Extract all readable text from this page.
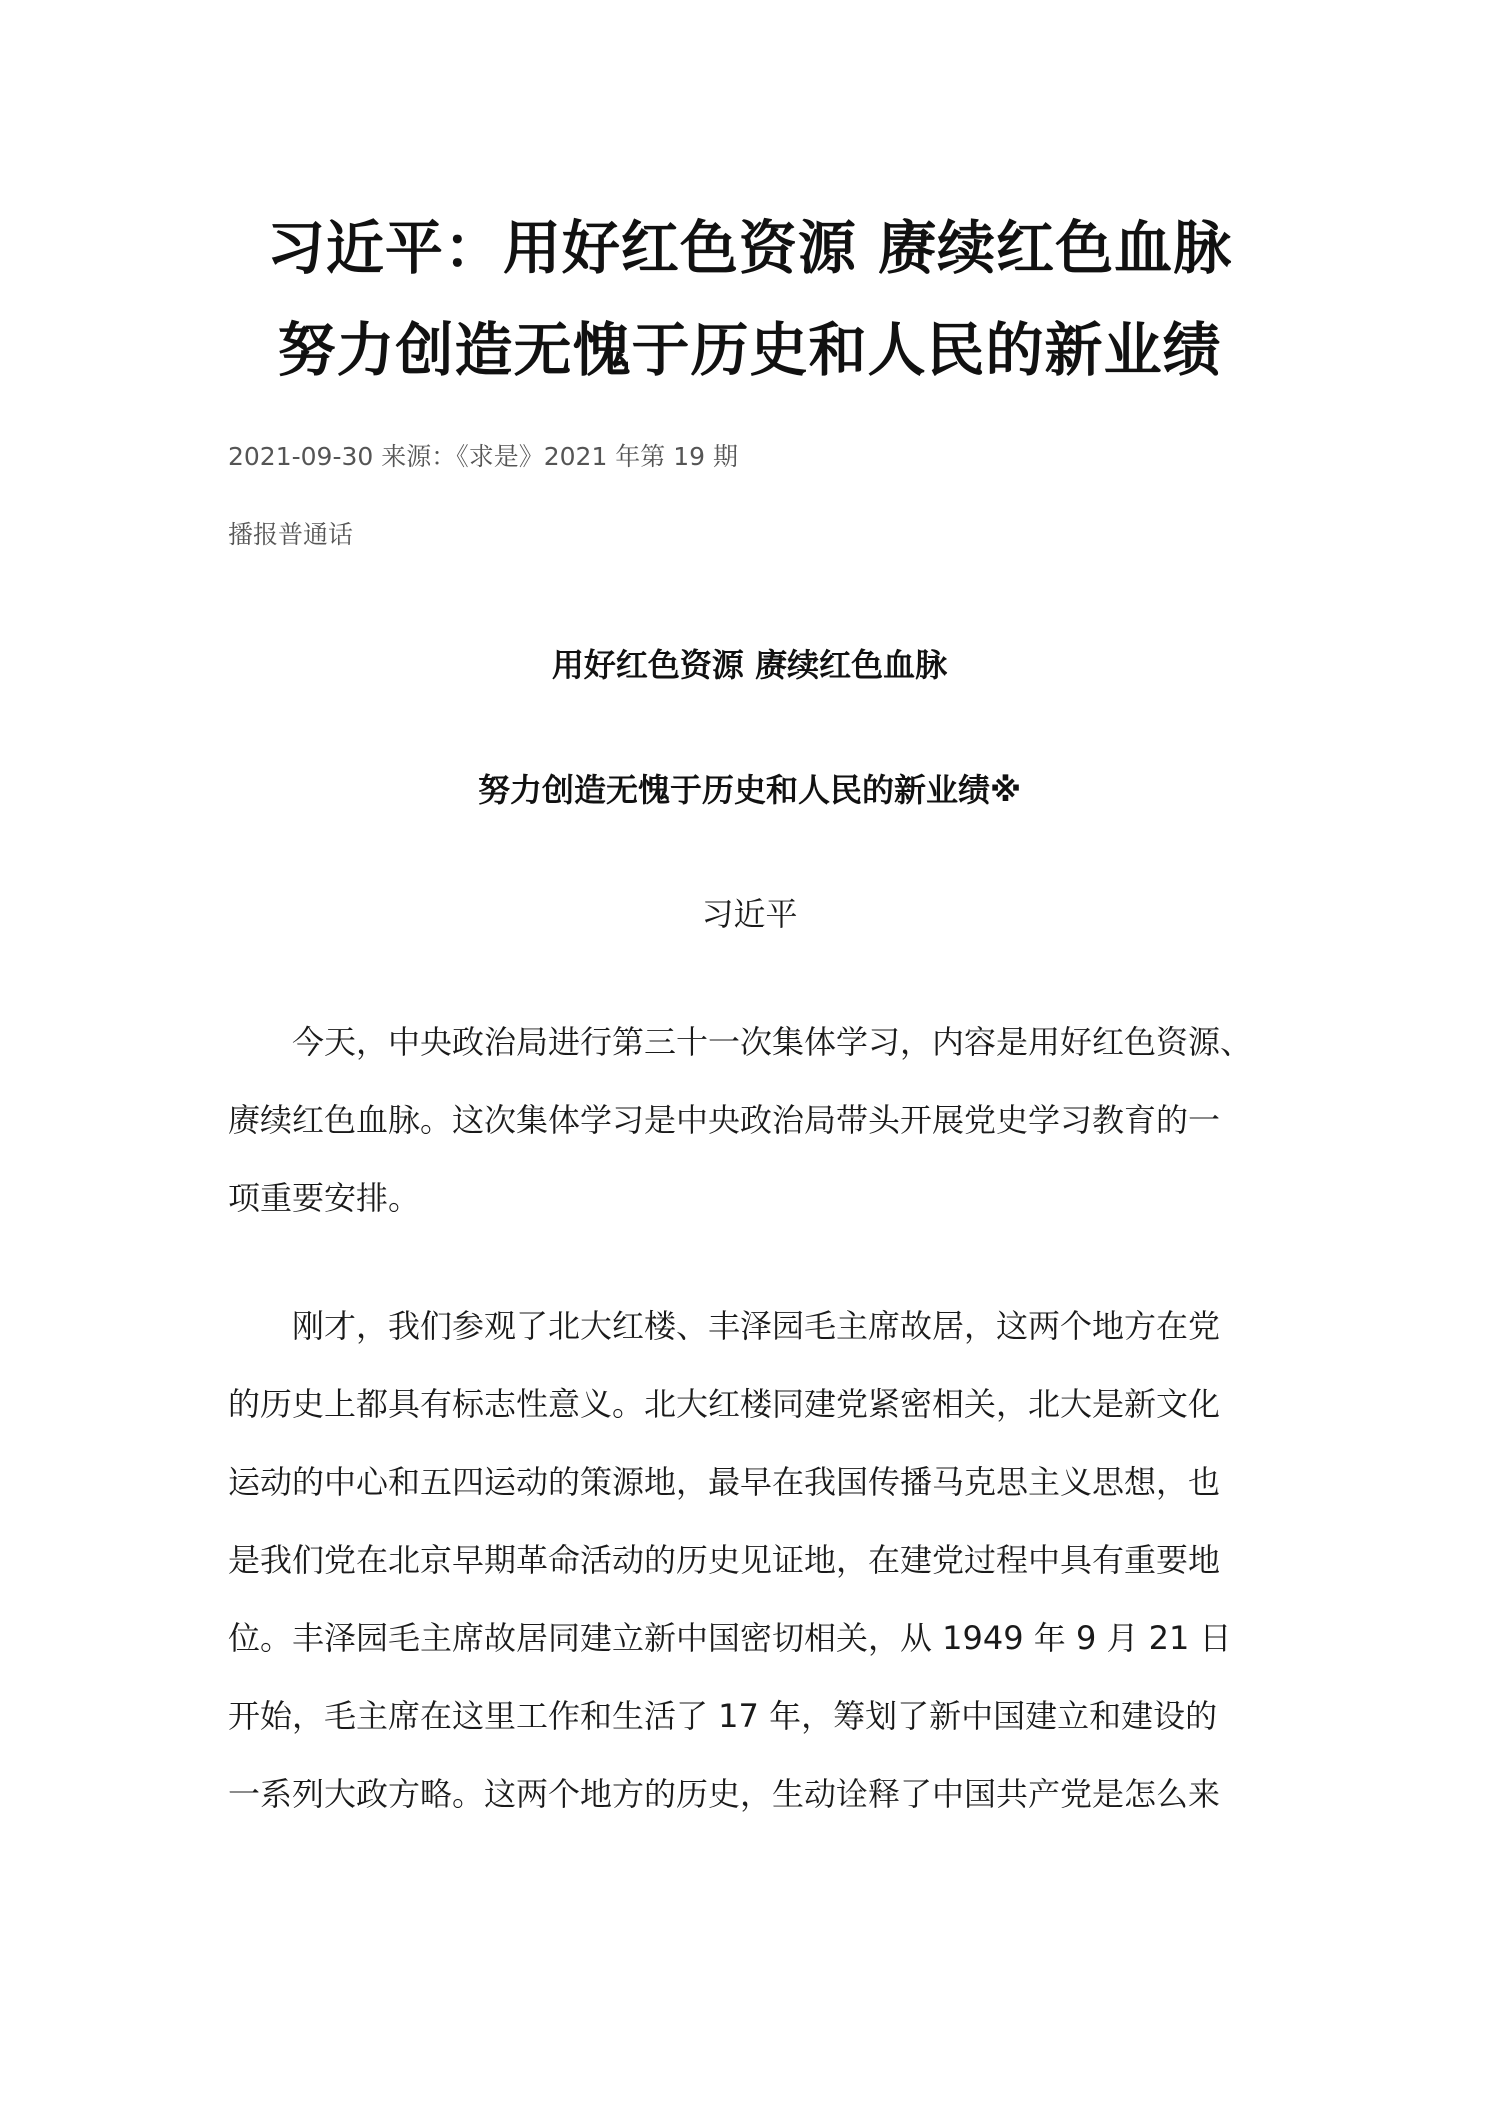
习近平：用好红色资源 赓续红色血脉
努力创造无愧于历史和人民的新业绩
2021-09-30 来源：《求是》2021 年第 19 期
播报普通话
用好红色资源 赓续红色血脉
努力创造无愧于历史和人民的新业绩※
习近平
今天，中央政治局进行第三十一次集体学习，内容是用好红色资源、
赓续红色血脉。这次集体学习是中央政治局带头开展党史学习教育的一
项重要安排。
刚才，我们参观了北大红楼、丰泽园毛主席故居，这两个地方在党
的历史上都具有标志性意义。北大红楼同建党紧密相关，北大是新文化
运动的中心和五四运动的策源地，最早在我国传播马克思主义思想，也
是我们党在北京早期革命活动的历史见证地，在建党过程中具有重要地
位。丰泽园毛主席故居同建立新中国密切相关，从 1949 年 9 月 21 日
开始，毛主席在这里工作和生活了 17 年，筹划了新中国建立和建设的
一系列大政方略。这两个地方的历史，生动诠释了中国共产党是怎么来
